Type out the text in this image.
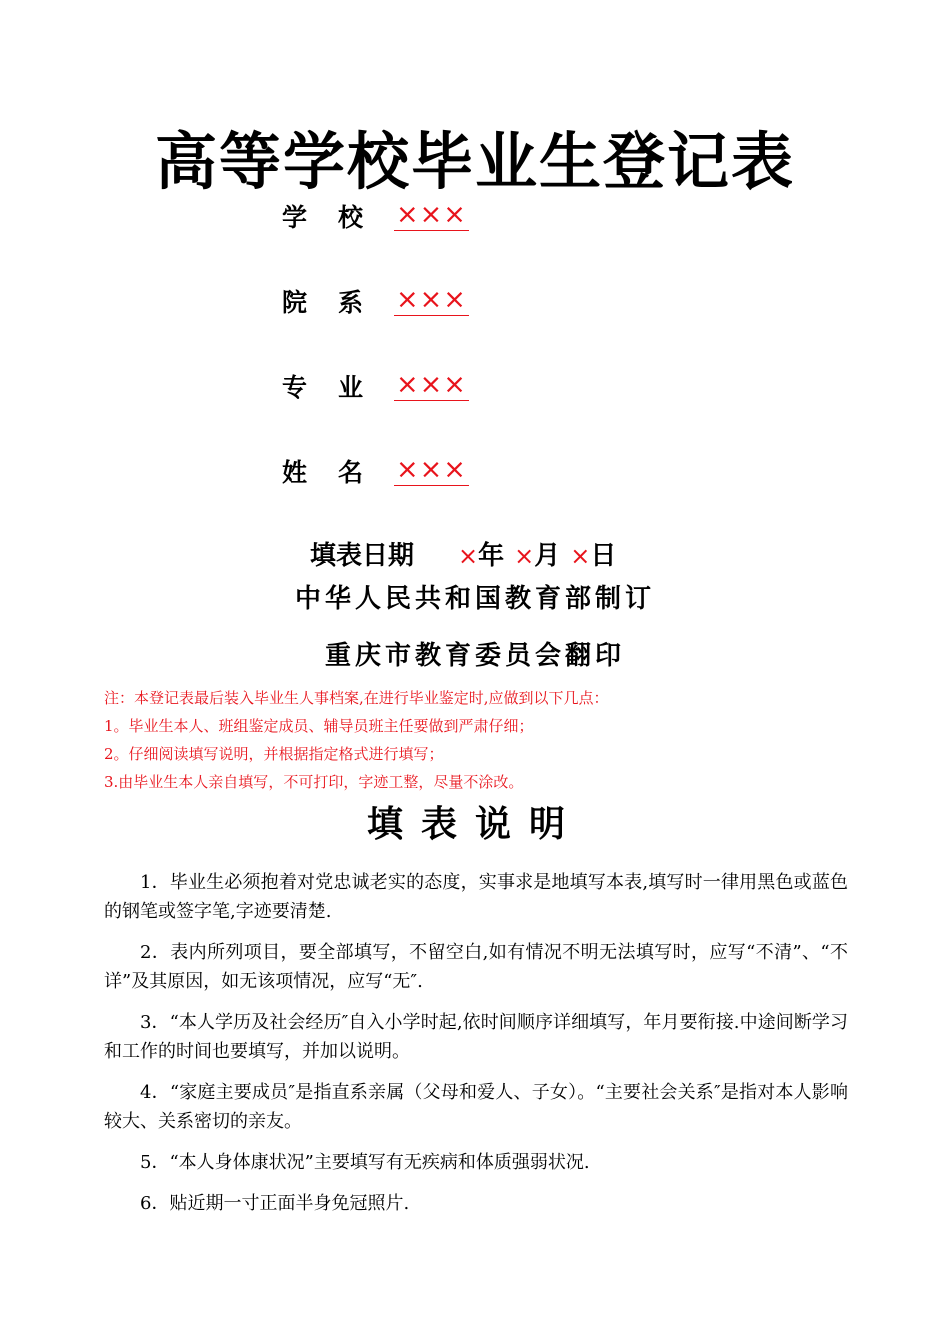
高等学校毕业生登记表
学校×××
院系×××
专业×××
姓名×××
填表日期 ×年 ×月 ×日
中华人民共和国教育部制订
重庆市教育委员会翻印
注：本登记表最后装入毕业生人事档案,在进行毕业鉴定时,应做到以下几点：
1。毕业生本人、班组鉴定成员、辅导员班主任要做到严肃仔细；
2。仔细阅读填写说明，并根据指定格式进行填写；
3.由毕业生本人亲自填写，不可打印，字迹工整，尽量不涂改。
填表说明

1．毕业生必须抱着对党忠诚老实的态度，实事求是地填写本表,填写时一律用黑色或蓝色的钢笔或签字笔,字迹要清楚.

2．表内所列项目，要全部填写，不留空白,如有情况不明无法填写时，应写“不清”、“不详”及其原因，如无该项情况，应写“无″.

3．“本人学历及社会经历″自入小学时起,依时间顺序详细填写，年月要衔接.中途间断学习和工作的时间也要填写，并加以说明。

4．“家庭主要成员″是指直系亲属（父母和爱人、子女）。“主要社会关系″是指对本人影响较大、关系密切的亲友。

5．“本人身体康状况”主要填写有无疾病和体质强弱状况.

6．贴近期一寸正面半身免冠照片.
